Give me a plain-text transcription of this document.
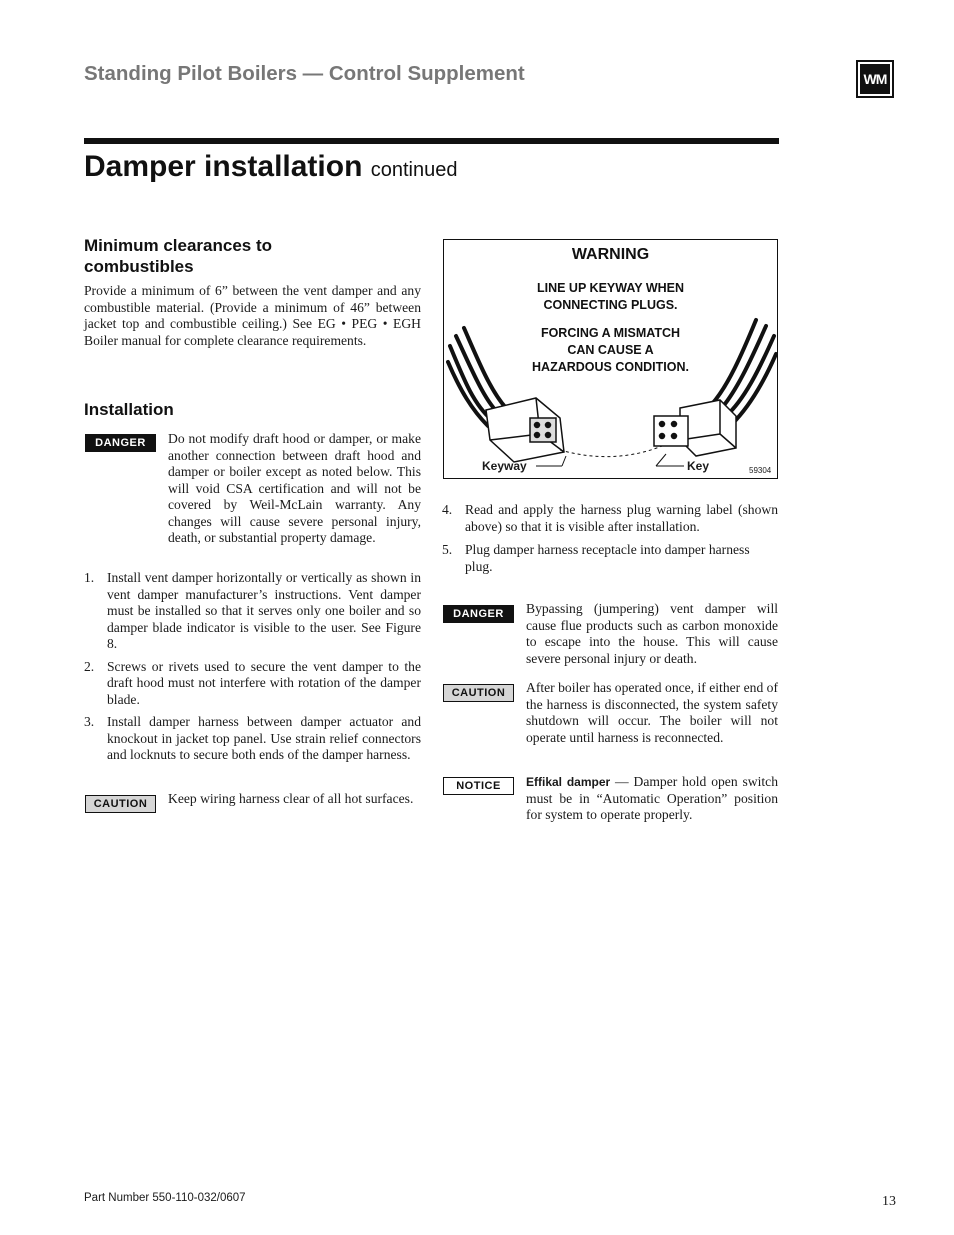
Standing Pilot Boilers — Control Supplement	WM
Damper installation continued
Minimum clearances to combustibles
Provide a minimum of 6” between the vent damper and any combustible material. (Provide a minimum of 46” between jacket top and combustible ceiling.) See EG • PEG • EGH Boiler manual for complete clearance requirements.
Installation
DANGER	Do not modify draft hood or damper, or make another connection between draft hood and damper or boiler except as noted below. This will void CSA certification and will not be covered by Weil-McLain warranty. Any changes will cause severe personal injury, death, or substantial property damage.
1. Install vent damper horizontally or vertically as shown in vent damper manufacturer’s instructions. Vent damper must be installed so that it serves only one boiler and so damper blade indicator is visible to the user. See Figure 8.
2. Screws or rivets used to secure the vent damper to the draft hood must not interfere with rotation of the damper blade.
3. Install damper harness between damper actuator and knockout in jacket top panel. Use strain relief connectors and locknuts to secure both ends of the damper harness.
CAUTION	Keep wiring harness clear of all hot surfaces.
WARNING
LINE UP KEYWAY WHEN
CONNECTING PLUGS.
FORCING A MISMATCH
CAN CAUSE A
HAZARDOUS CONDITION.
Keyway	Key	59304
4. Read and apply the harness plug warning label (shown above) so that it is visible after installation.
5. Plug damper harness receptacle into damper harness plug.
DANGER	Bypassing (jumpering) vent damper will cause flue products such as carbon monoxide to escape into the house. This will cause severe personal injury or death.
CAUTION	After boiler has operated once, if either end of the harness is disconnected, the system safety shutdown will occur. The boiler will not operate until harness is reconnected.
NOTICE	Effikal damper — Damper hold open switch must be in “Automatic Operation” position for system to operate properly.
Part Number 550-110-032/0607	13
